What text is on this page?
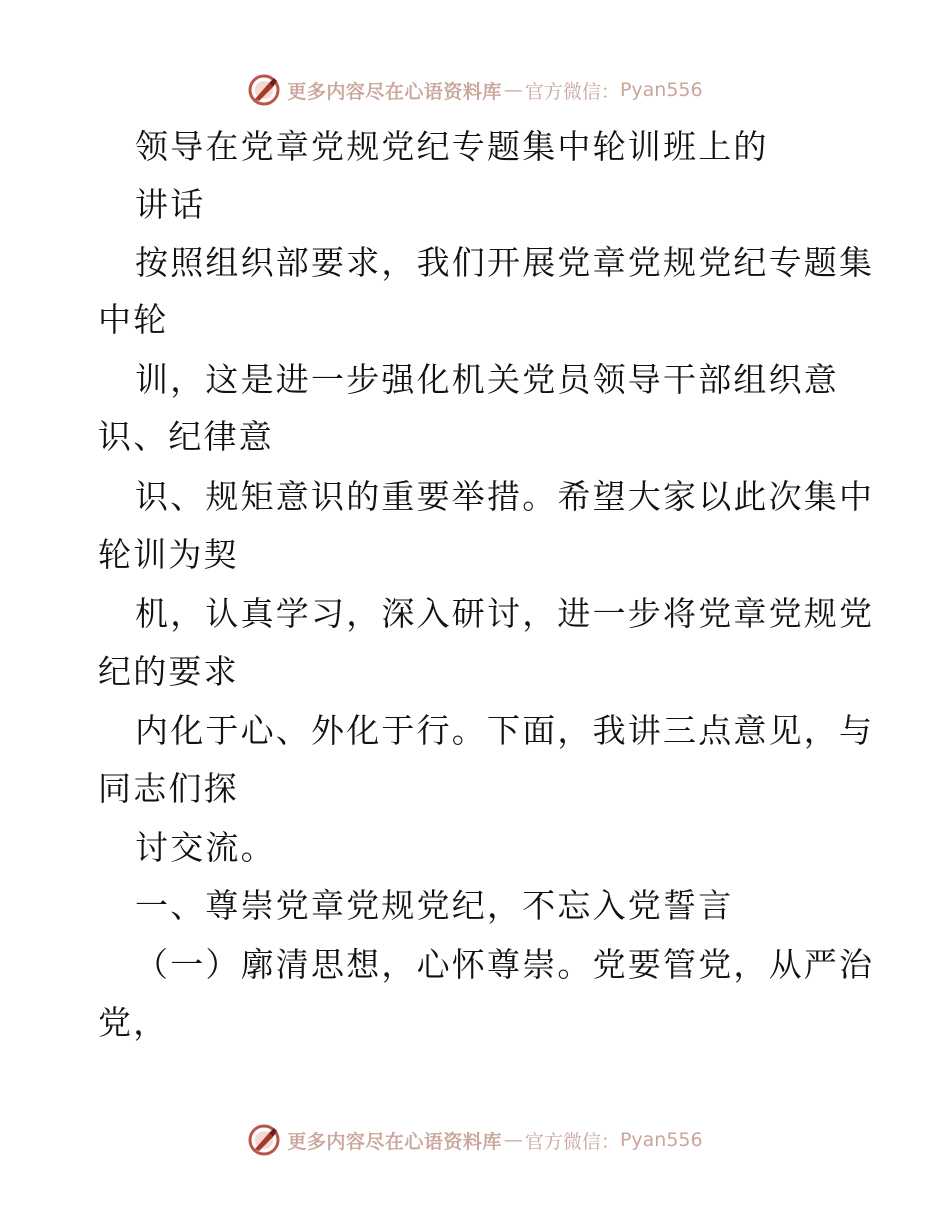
更多内容尽在心语资料库 — 官方微信： Pyan556
领导在党章党规党纪专题集中轮训班上的
讲话
按照组织部要求，我们开展党章党规党纪专题集
中轮
训，这是进一步强化机关党员领导干部组织意
识、纪律意
识、规矩意识的重要举措。希望大家以此次集中
轮训为契
机，认真学习，深入研讨，进一步将党章党规党
纪的要求
内化于心、外化于行。下面，我讲三点意见，与
同志们探
讨交流。
一、尊崇党章党规党纪，不忘入党誓言
（一）廓清思想，心怀尊崇。党要管党，从严治
党，
更多内容尽在心语资料库 — 官方微信： Pyan556
